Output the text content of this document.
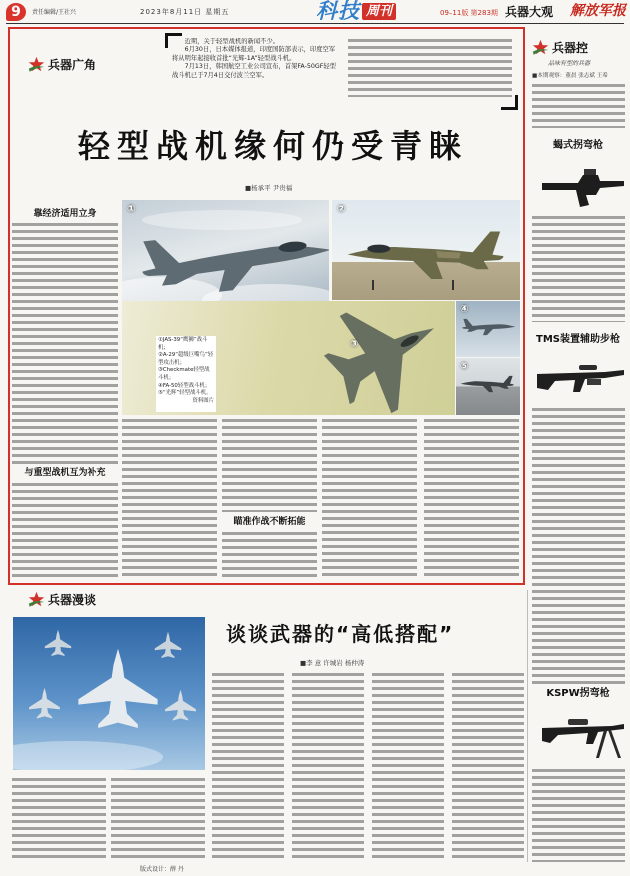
9	责任编辑/王社兴	2023年8月11日 星期五	科技 周刊	09–11版 第283期 兵器大观 解放军报
兵器广角

近期，关于轻型战机的新闻不少。

6月30日，日本媒体报道，印度国防部表示，印度空军将从明年起接收首批“光辉-1A”轻型战斗机。

7月13日，韩国航空工业公司宣布，首架FA-50GF轻型战斗机已于7月4日交付波兰空军。

轻型战机缘何仍受青睐
■杨承平 尹贵福
靠经济适用立身
与重型战机互为补充
①	②
③
①JAS-39“鹰狮”战斗机；
②A-29“超级巨嘴鸟”轻型攻击机；
③Checkmate轻型战斗机；
④FA-50轻型战斗机；
⑤“光辉”轻型战斗机。
资料图片
④
⑤
瞄准作战不断拓能
兵器控
品味有型的兵器
■本期观察：董晨 张志斌 王希
蝎式拐弯枪
TMS装置辅助步枪
KSPW拐弯枪
兵器漫谈
谈谈武器的“高低搭配”
■李 意 许城岩 杨仲涛
版式设计：薛 丹
